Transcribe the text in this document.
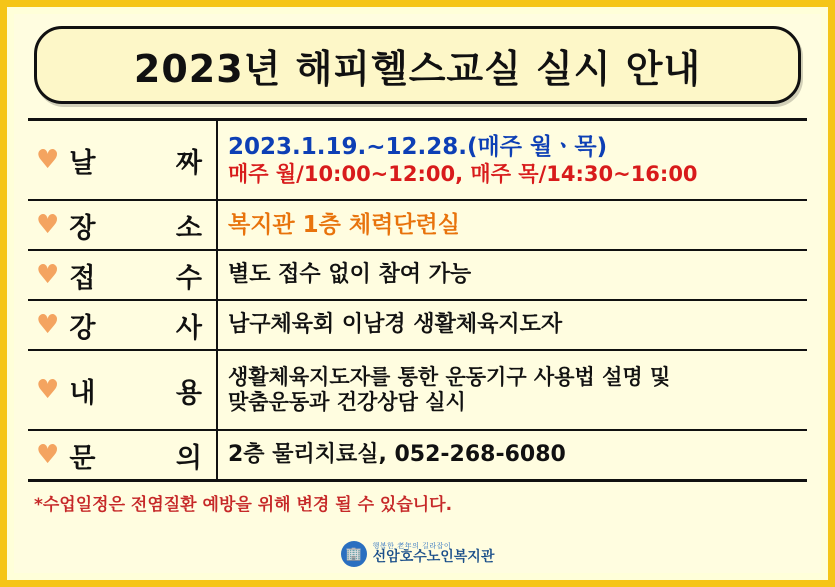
2023년 해피헬스교실 실시 안내
♥ 날	짜
2023.1.19.~12.28.(매주 월ㆍ목)
매주 월/10:00~12:00, 매주 목/14:30~16:00
♥ 장	소 복지관 1층 체력단련실
♥ 접	수 별도 접수 없이 참여 가능
♥ 강	사 남구체육회 이남경 생활체육지도자
♥ 내	용
생활체육지도자를 통한 운동기구 사용법 설명 및
맞춤운동과 건강상담 실시
♥ 문	의 2층 물리치료실, 052-268-6080
*수업일정은 전염질환 예방을 위해 변경 될 수 있습니다.
🏢
행복한 老年의 길라잡이
선암호수노인복지관
